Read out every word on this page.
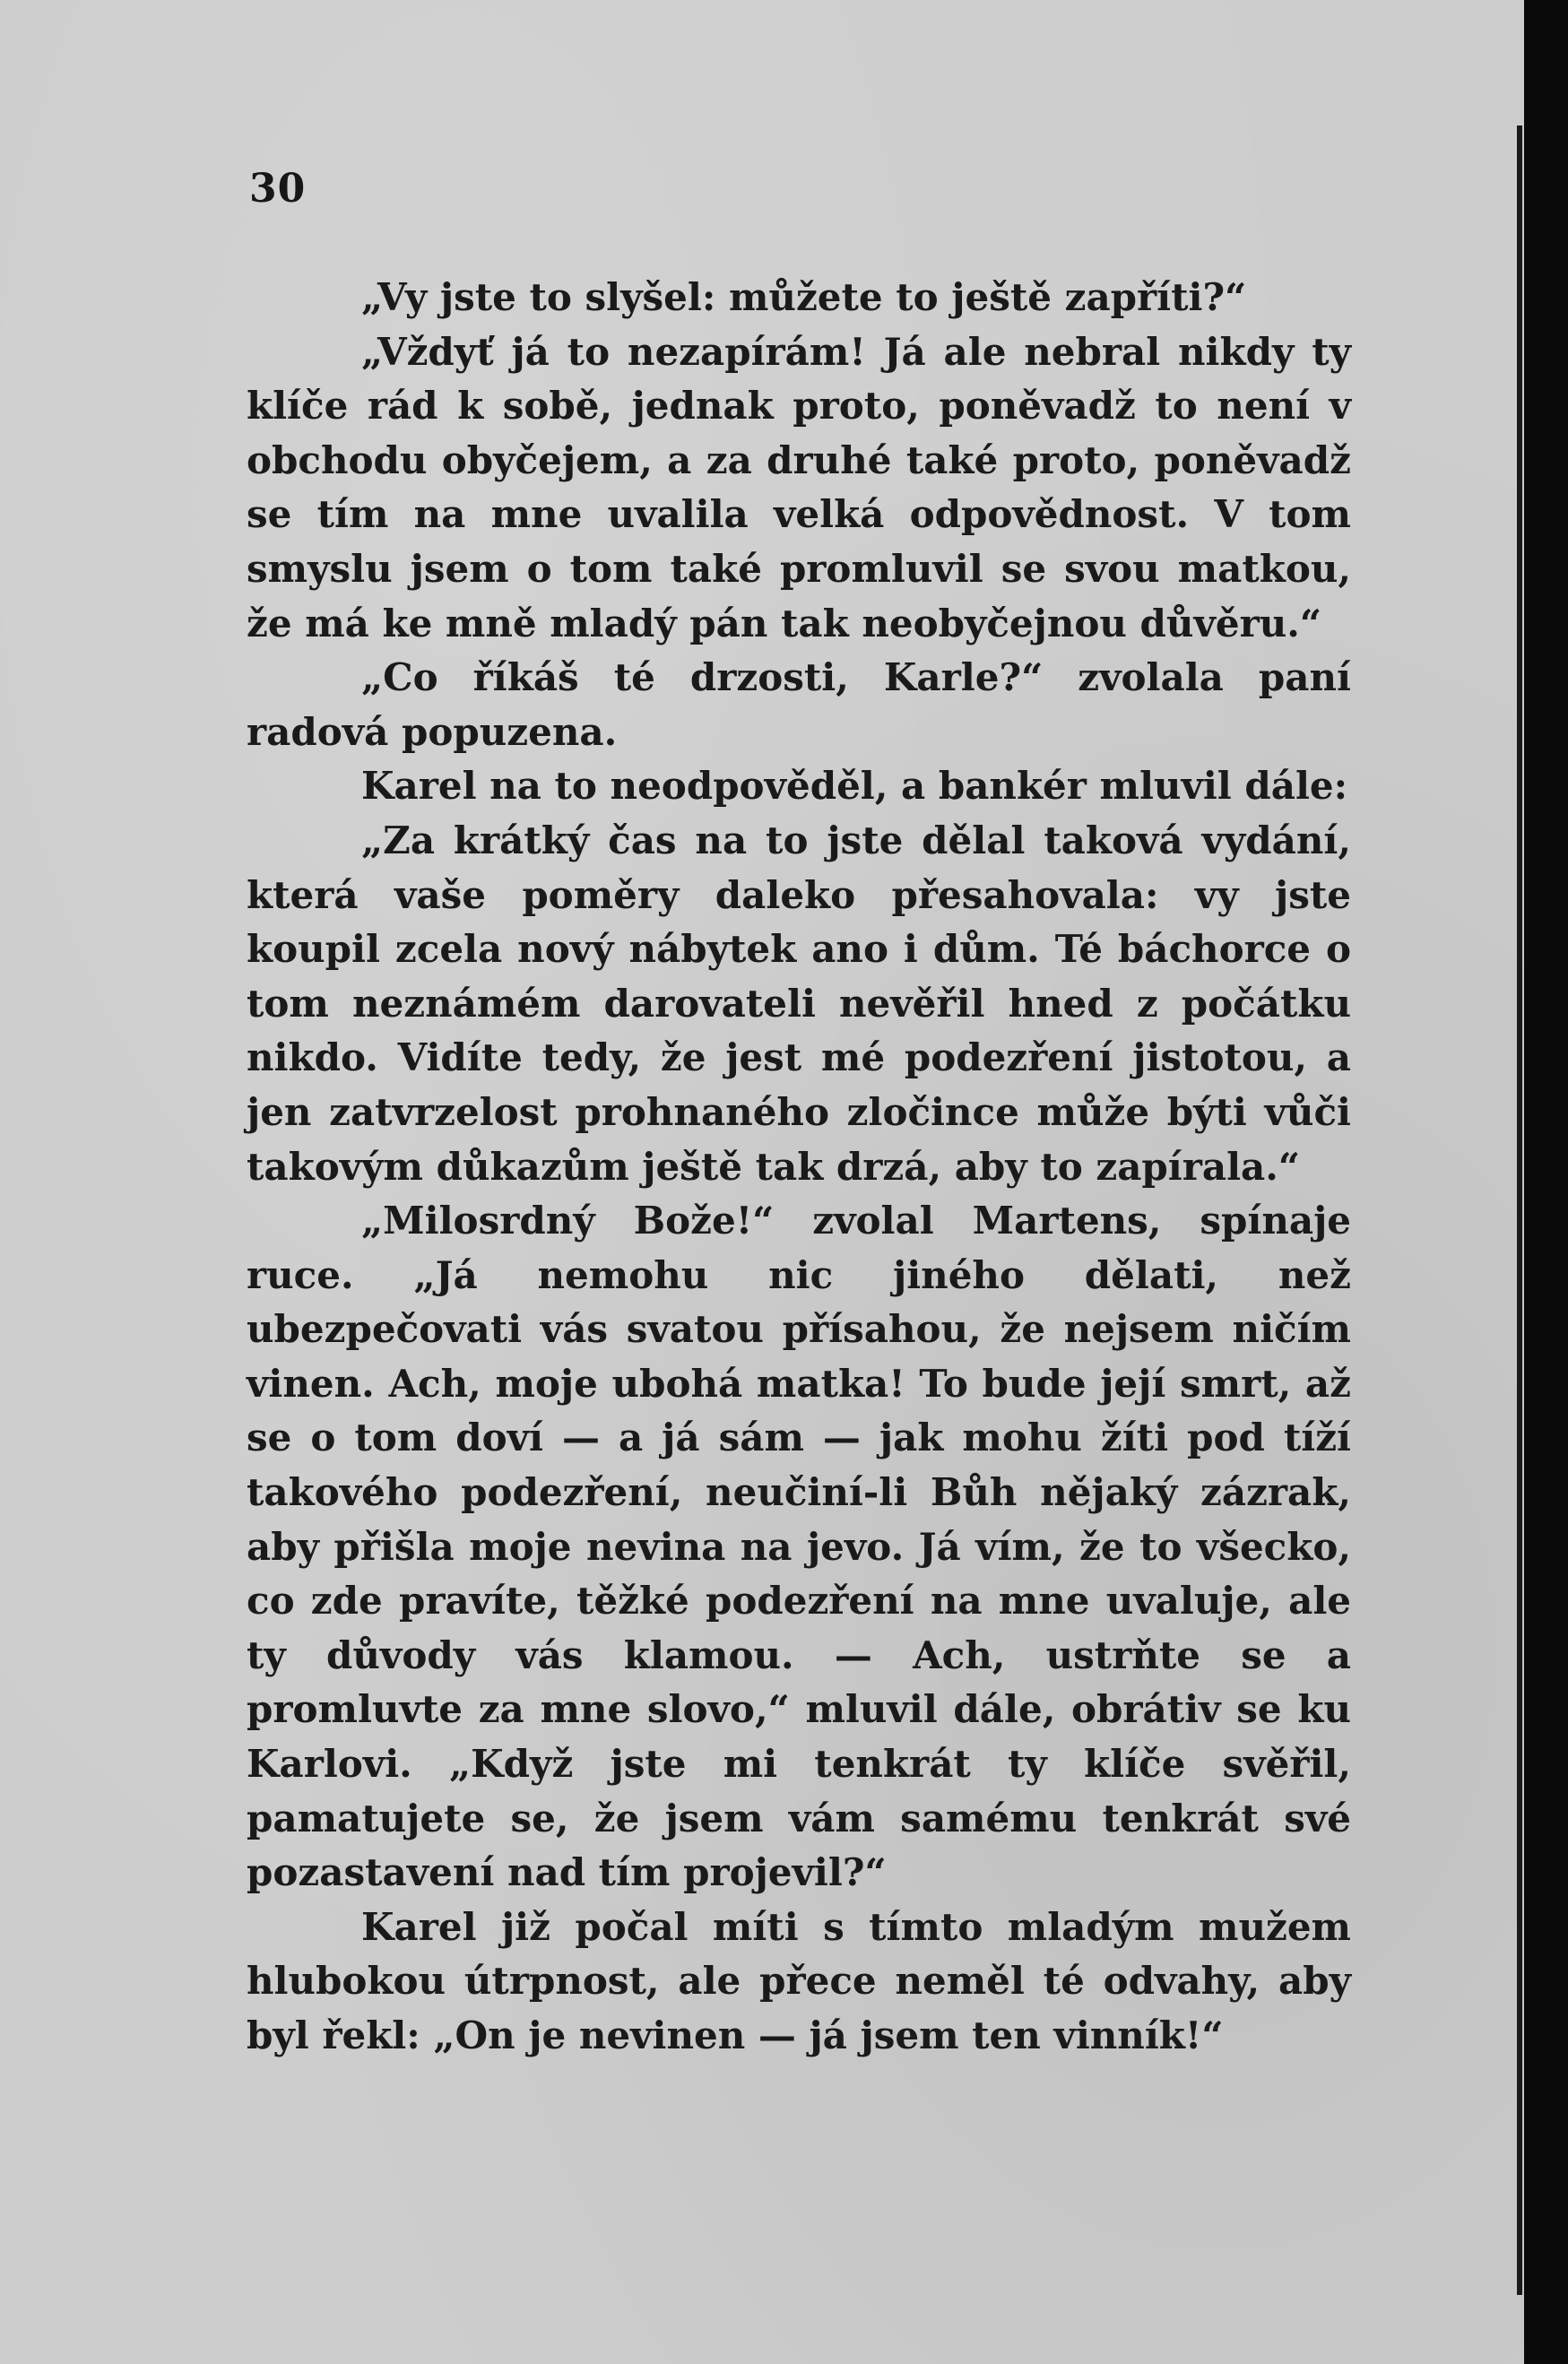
30

„Vy jste to slyšel: můžete to ještě zapříti?“

„Vždyť já to nezapírám! Já ale nebral nikdy ty klíče rád k sobě, jednak proto, poněvadž to není v obchodu obyčejem, a za druhé také proto, poněvadž se tím na mne uvalila velká odpovědnost. V tom smyslu jsem o tom také promluvil se svou matkou, že má ke mně mladý pán tak neobyčejnou důvěru.“

„Co říkáš té drzosti, Karle?“ zvolala paní radová popuzena.

Karel na to neodpověděl, a bankér mluvil dále:

„Za krátký čas na to jste dělal taková vydání, která vaše poměry daleko přesahovala: vy jste koupil zcela nový nábytek ano i dům. Té báchorce o tom neznámém darovateli nevěřil hned z počátku nikdo. Vidíte tedy, že jest mé podezření jistotou, a jen zatvrzelost prohnaného zločince může býti vůči takovým důkazům ještě tak drzá, aby to zapírala.“

„Milosrdný Bože!“ zvolal Martens, spínaje ruce. „Já nemohu nic jiného dělati, než ubezpečovati vás svatou přísahou, že nejsem ničím vinen. Ach, moje ubohá matka! To bude její smrt, až se o tom doví — a já sám — jak mohu žíti pod tíží takového podezření, neučiní-li Bůh nějaký zázrak, aby přišla moje nevina na jevo. Já vím, že to všecko, co zde pravíte, těžké podezření na mne uvaluje, ale ty důvody vás klamou. — Ach, ustrňte se a promluvte za mne slovo,“ mluvil dále, obrátiv se ku Karlovi. „Když jste mi tenkrát ty klíče svěřil, pamatujete se, že jsem vám samému tenkrát své pozastavení nad tím projevil?“

Karel již počal míti s tímto mladým mužem hlubokou útrpnost, ale přece neměl té odvahy, aby byl řekl: „On je nevinen — já jsem ten vinník!“
